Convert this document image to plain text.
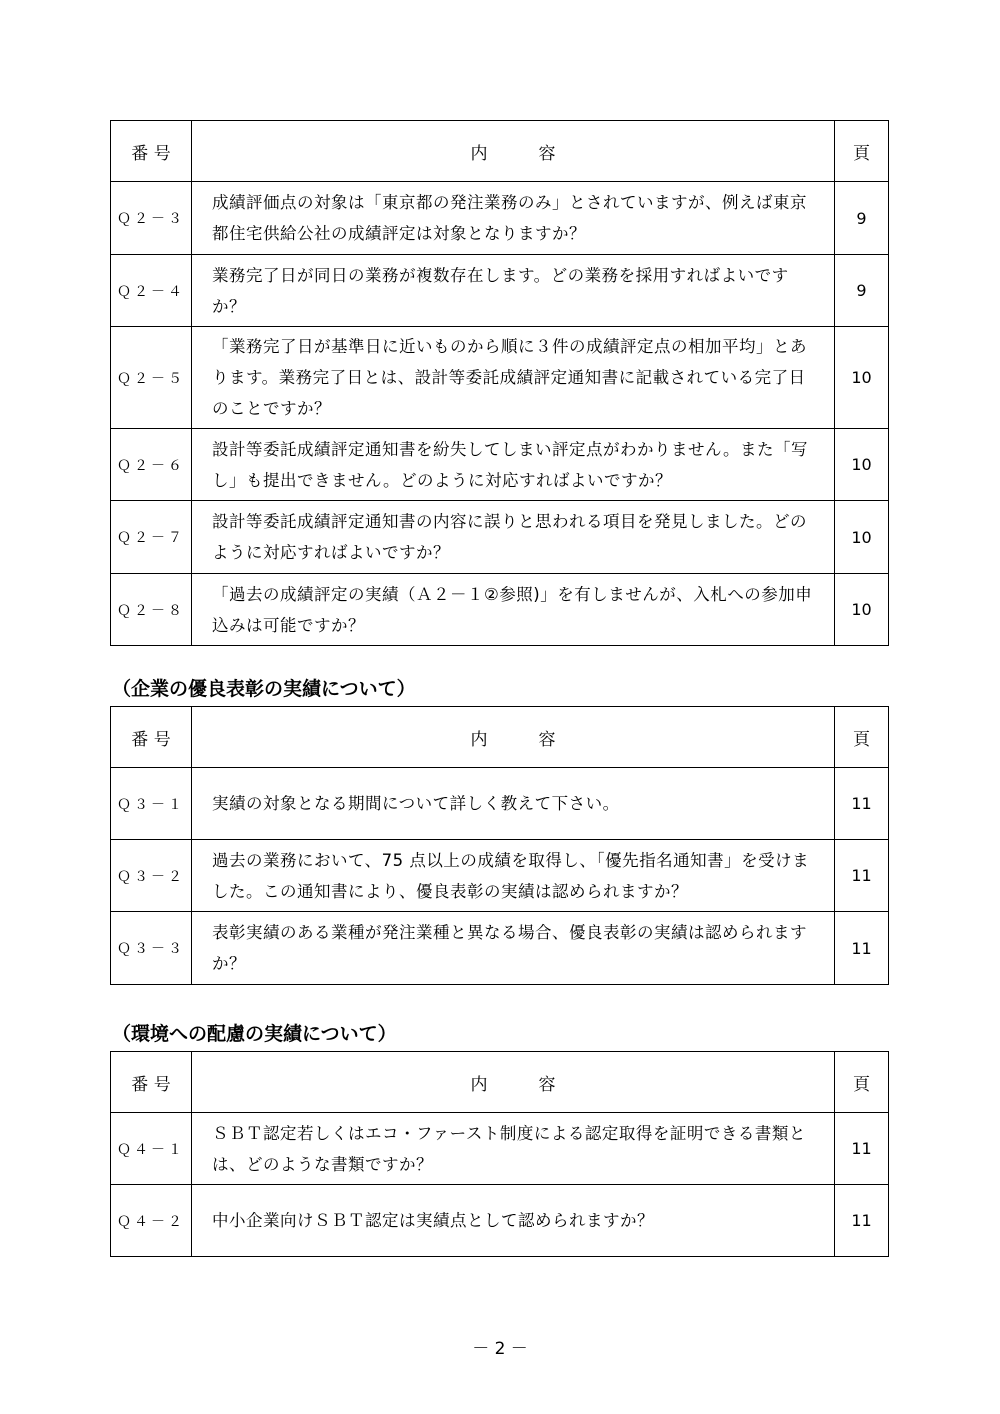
番 号	内　　　容	頁
Ｑ２－３	成績評価点の対象は「東京都の発注業務のみ」とされていますが、例えば東京都住宅供給公社の成績評定は対象となりますか？	9
Ｑ２－４	業務完了日が同日の業務が複数存在します。どの業務を採用すればよいですか？	9
Ｑ２－５	「業務完了日が基準日に近いものから順に３件の成績評定点の相加平均」とあります。業務完了日とは、設計等委託成績評定通知書に記載されている完了日のことですか？	10
Ｑ２－６	設計等委託成績評定通知書を紛失してしまい評定点がわかりません。また「写し」も提出できません。どのように対応すればよいですか？	10
Ｑ２－７	設計等委託成績評定通知書の内容に誤りと思われる項目を発見しました。どのように対応すればよいですか？	10
Ｑ２－８	「過去の成績評定の実績（Ａ２－１②参照)」を有しませんが、入札への参加申込みは可能ですか？	10
（企業の優良表彰の実績について）
番 号	内　　　容	頁
Ｑ３－１	実績の対象となる期間について詳しく教えて下さい。	11
Ｑ３－２	過去の業務において、75 点以上の成績を取得し、「優先指名通知書」を受けました。この通知書により、優良表彰の実績は認められますか？	11
Ｑ３－３	表彰実績のある業種が発注業種と異なる場合、優良表彰の実績は認められますか？	11
（環境への配慮の実績について）
番 号	内　　　容	頁
Ｑ４－１	ＳＢＴ認定若しくはエコ・ファースト制度による認定取得を証明できる書類とは、どのような書類ですか？	11
Ｑ４－２	中小企業向けＳＢＴ認定は実績点として認められますか？	11
－ 2 －
